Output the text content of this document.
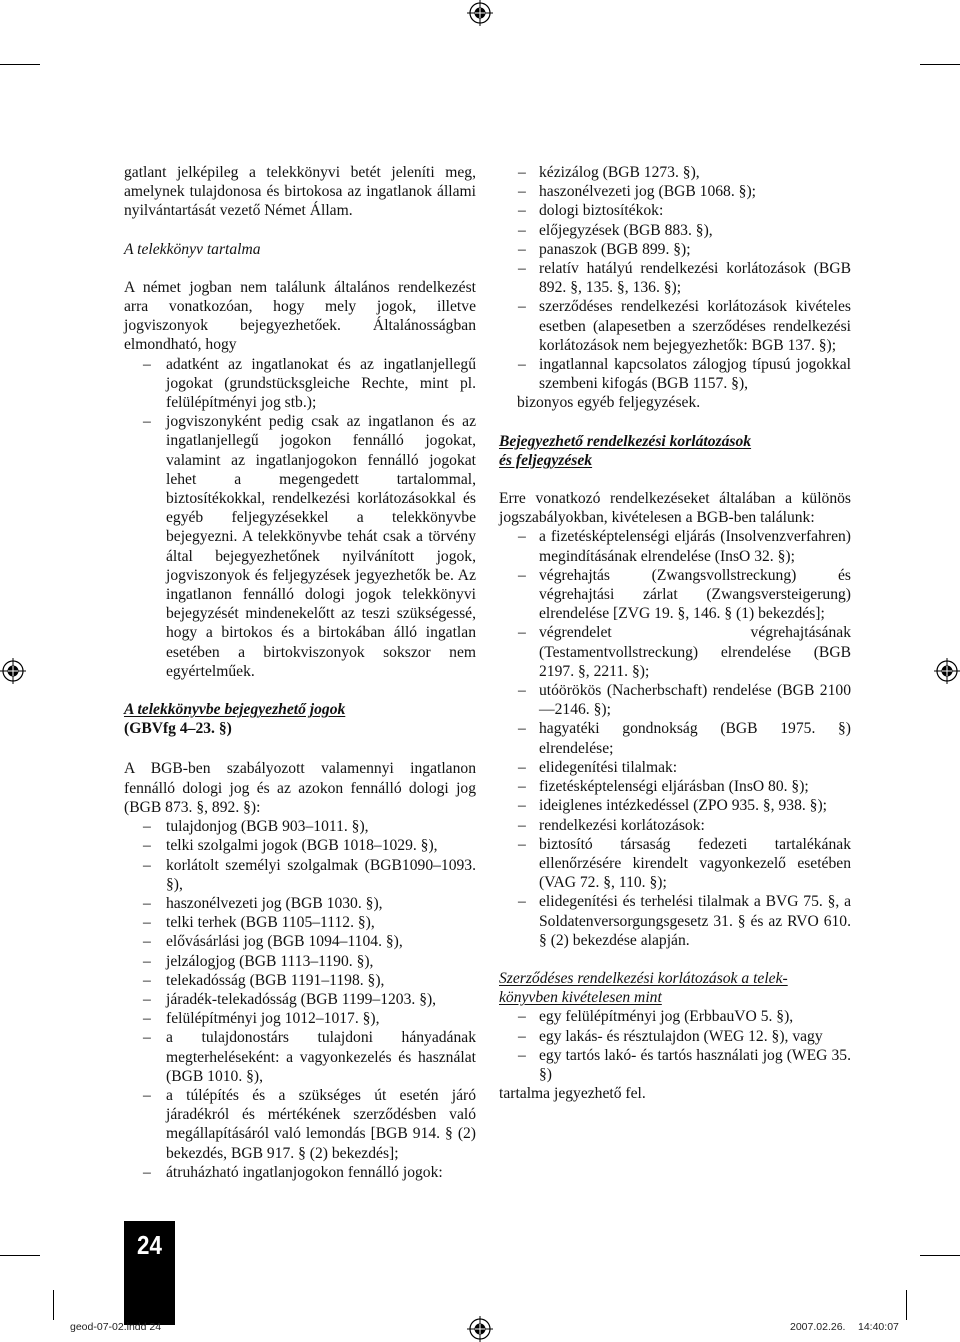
gatlant jelképileg a telekkönyvi betét jeleníti meg, amelynek tulajdonosa és birtokosa az ingatlanok állami nyilvántartását vezető Német Állam.

A telekkönyv tartalma

A német jogban nem találunk általános rendelkezést arra vonatkozóan, hogy mely jogok, illetve jogviszonyok bejegyezhetőek. Általánosságban elmondható, hogy

– adatként az ingatlanokat és az ingatlanjellegű jogokat (grundstücksgleiche Rechte, mint pl. felülépítményi jog stb.);
– jogviszonyként pedig csak az ingatlanon és az ingatlanjellegű jogokon fennálló jogokat, valamint az ingatlanjogokon fennálló jogokat lehet a megengedett tartalommal, biztosítékokkal, rendelkezési korlátozásokkal és egyéb feljegyzésekkel a telekkönyvbe bejegyezni. A telekkönyvbe tehát csak a törvény által bejegyezhetőnek nyilvánított jogok, jogviszonyok és feljegyzések jegyezhetők be. Az ingatlanon fennálló dologi jogok telekkönyvi bejegyzését mindenekelőtt az teszi szükségessé, hogy a birtokos és a birtokában álló ingatlan esetében a birtokviszonyok sokszor nem egyértelműek.
A telekkönyvbe bejegyezhető jogok
(GBVfg 4–23. §)

A BGB-ben szabályozott valamennyi ingatlanon fennálló dologi jog és az azokon fennálló dologi jog (BGB 873. §, 892. §):

– tulajdonjog (BGB 903–1011. §),
– telki szolgalmi jogok (BGB 1018–1029. §),
– korlátolt személyi szolgalmak (BGB1090–1093. §),
– haszonélvezeti jog (BGB 1030. §),
– telki terhek (BGB 1105–1112. §),
– elővásárlási jog (BGB 1094–1104. §),
– jelzálogjog (BGB 1113–1190. §),
– telekadósság (BGB 1191–1198. §),
– járadék-telekadósság (BGB 1199–1203. §),
– felülépítményi jog 1012–1017. §),
– a tulajdonostárs tulajdoni hányadának megterheléseként: a vagyonkezelés és használat (BGB 1010. §),
– a túlépítés és a szükséges út esetén járó járadékról és mértékének szerződésben való megállapításáról való lemondás [BGB 914. § (2) bekezdés, BGB 917. § (2) bekezdés];
– átruházható ingatlanjogokon fennálló jogok:
– kézizálog (BGB 1273. §),
– haszonélvezeti jog (BGB 1068. §);
– dologi biztosítékok:
– előjegyzések (BGB 883. §),
– panaszok (BGB 899. §);
– relatív hatályú rendelkezési korlátozások (BGB 892. §, 135. §, 136. §);
– szerződéses rendelkezési korlátozások kivételes esetben (alapesetben a szerződéses rendelkezési korlátozások nem bejegyezhetők: BGB 137. §);
– ingatlannal kapcsolatos zálogjog típusú jogokkal szembeni kifogás (BGB 1157. §),

bizonyos egyéb feljegyzések.

Bejegyezhető rendelkezési korlátozások
és feljegyzések

Erre vonatkozó rendelkezéseket általában a különös jogszabályokban, kivételesen a BGB-ben találunk:

– a fizetésképtelenségi eljárás (Insolvenzverfahren) megindításának elrendelése (InsO 32. §);
– végrehajtás (Zwangsvollstreckung) és végrehajtási zárlat (Zwangsversteigerung) elrendelése [ZVG 19. §, 146. § (1) bekezdés];
– végrendelet végrehajtásának (Testamentvollstreckung) elrendelése (BGB 2197. §, 2211. §);
– utóörökös (Nacherbschaft) rendelése (BGB 2100—2146. §);
– hagyatéki gondnokság (BGB 1975. §) elrendelése;
– elidegenítési tilalmak:
– fizetésképtelenségi eljárásban (InsO 80. §);
– ideiglenes intézkedéssel (ZPO 935. §, 938. §);
– rendelkezési korlátozások:
– biztosító társaság fedezeti tartalékának ellenőrzésére kirendelt vagyonkezelő esetében (VAG 72. §, 110. §);
– elidegenítési és terhelési tilalmak a BVG 75. §, a Soldatenversorgungsgesetz 31. § és az RVO 610. § (2) bekezdése alapján.
Szerződéses rendelkezési korlátozások a telek-
könyvben kivételesen mint
– egy felülépítményi jog (ErbbauVO 5. §),
– egy lakás- és résztulajdon (WEG 12. §), vagy
– egy tartós lakó- és tartós használati jog (WEG 35. §)

tartalma jegyezhető fel.

24
geod-07-02.indd 24	2007.02.26. 14:40:07
